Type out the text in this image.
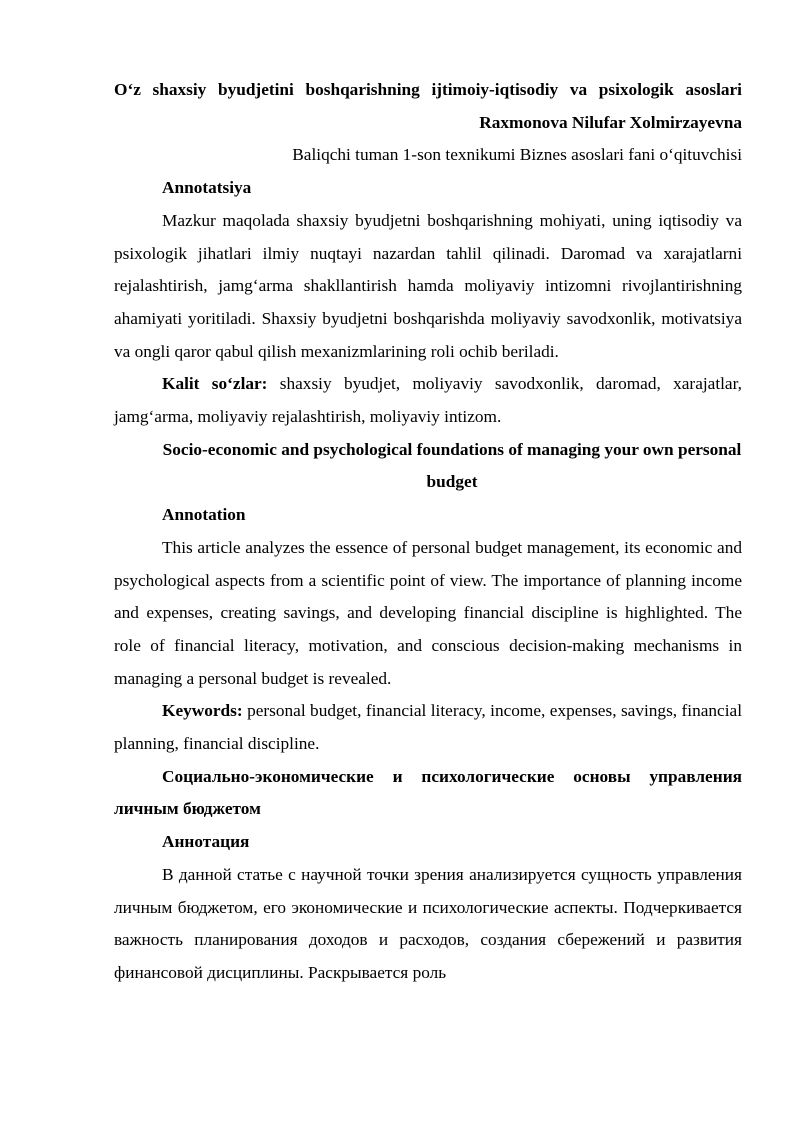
O‘z shaxsiy byudjetini boshqarishning ijtimoiy-iqtisodiy va psixologik asoslari

Raxmonova Nilufar Xolmirzayevna

Baliqchi tuman 1-son texnikumi Biznes asoslari fani o‘qituvchisi

Annotatsiya

Mazkur maqolada shaxsiy byudjetni boshqarishning mohiyati, uning iqtisodiy va psixologik jihatlari ilmiy nuqtayi nazardan tahlil qilinadi. Daromad va xarajatlarni rejalashtirish, jamg‘arma shakllantirish hamda moliyaviy intizomni rivojlantirishning ahamiyati yoritiladi. Shaxsiy byudjetni boshqarishda moliyaviy savodxonlik, motivatsiya va ongli qaror qabul qilish mexanizmlarining roli ochib beriladi.

Kalit so‘zlar: shaxsiy byudjet, moliyaviy savodxonlik, daromad, xarajatlar, jamg‘arma, moliyaviy rejalashtirish, moliyaviy intizom.

Socio-economic and psychological foundations of managing your own personal budget

Annotation

This article analyzes the essence of personal budget management, its economic and psychological aspects from a scientific point of view. The importance of planning income and expenses, creating savings, and developing financial discipline is highlighted. The role of financial literacy, motivation, and conscious decision-making mechanisms in managing a personal budget is revealed.

Keywords: personal budget, financial literacy, income, expenses, savings, financial planning, financial discipline.

Социально-экономические и психологические основы управления личным бюджетом

Аннотация

В данной статье с научной точки зрения анализируется сущность управления личным бюджетом, его экономические и психологические аспекты. Подчеркивается важность планирования доходов и расходов, создания сбережений и развития финансовой дисциплины. Раскрывается роль
